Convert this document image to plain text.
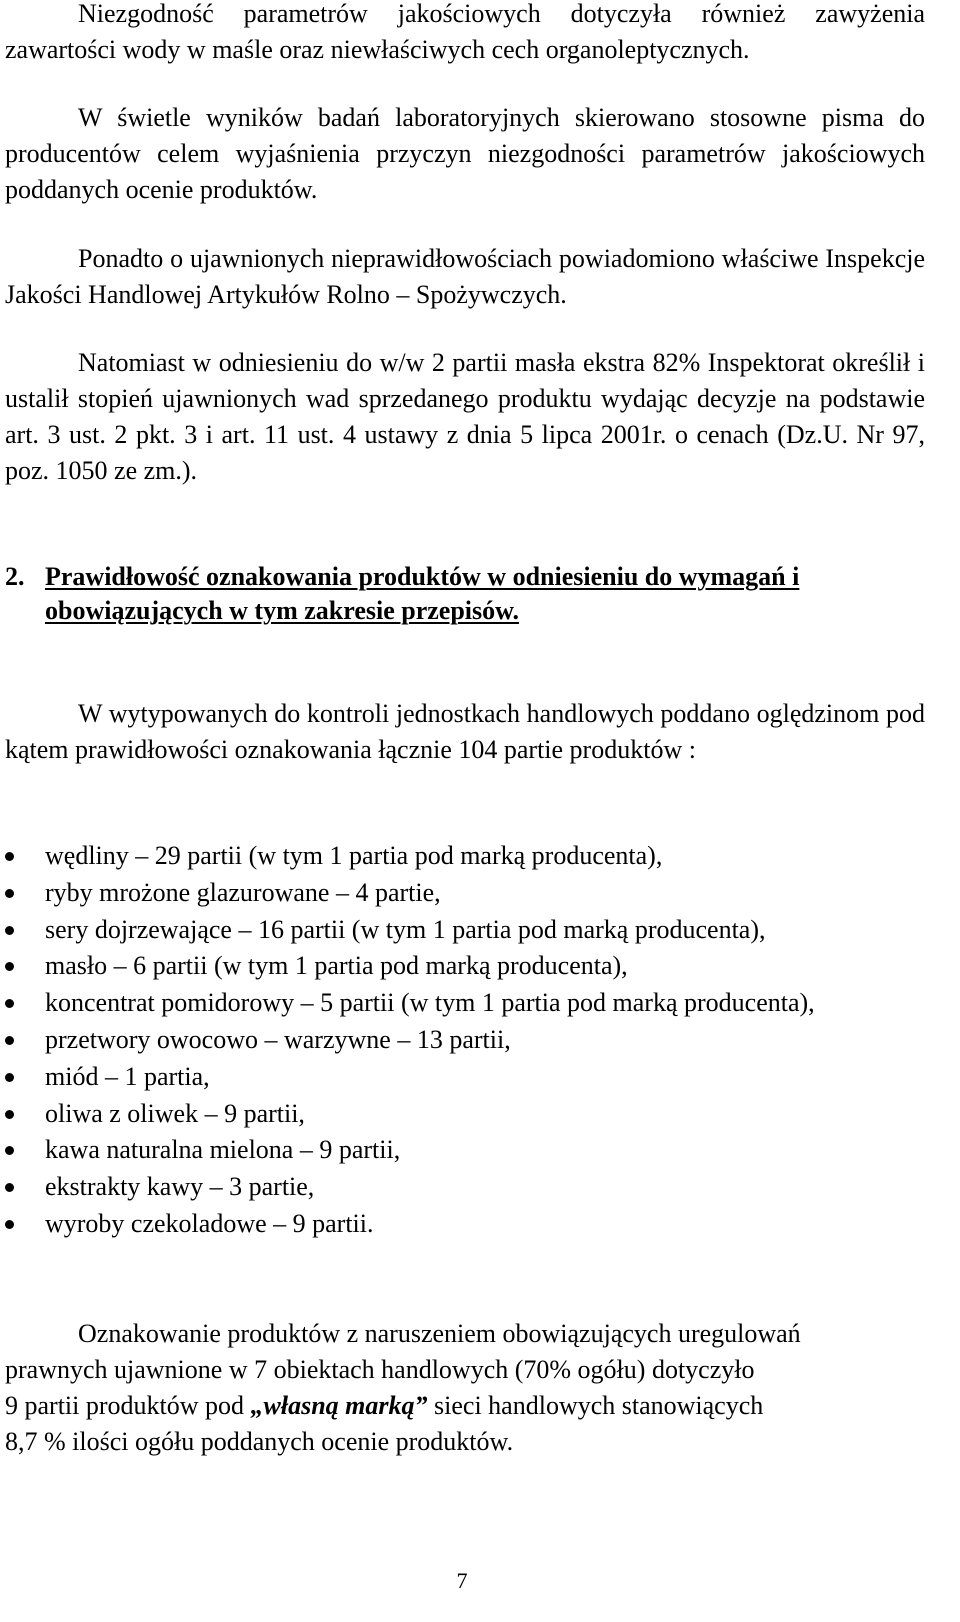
Niezgodność parametrów jakościowych dotyczyła również zawyżenia zawartości wody w maśle oraz niewłaściwych cech organoleptycznych.
W świetle wyników badań laboratoryjnych skierowano stosowne pisma do producentów celem wyjaśnienia przyczyn niezgodności parametrów jakościowych poddanych ocenie produktów.
Ponadto o ujawnionych nieprawidłowościach powiadomiono właściwe Inspekcje Jakości Handlowej Artykułów Rolno – Spożywczych.
Natomiast w odniesieniu do w/w 2 partii masła ekstra 82% Inspektorat określił i ustalił stopień ujawnionych wad sprzedanego produktu wydając decyzje na podstawie art. 3 ust. 2 pkt. 3 i art. 11 ust. 4 ustawy z dnia 5 lipca 2001r. o cenach (Dz.U. Nr 97, poz. 1050 ze zm.).
2. Prawidłowość oznakowania produktów w odniesieniu do wymagań i obowiązujących w tym zakresie przepisów.
W wytypowanych do kontroli jednostkach handlowych poddano oględzinom pod kątem prawidłowości oznakowania łącznie 104 partie produktów :
wędliny – 29 partii (w tym 1 partia pod marką producenta),
ryby mrożone glazurowane – 4 partie,
sery dojrzewające – 16 partii (w tym 1 partia pod marką producenta),
masło – 6 partii (w tym 1 partia pod marką producenta),
koncentrat pomidorowy – 5 partii (w tym 1 partia pod marką producenta),
przetwory owocowo – warzywne – 13 partii,
miód – 1 partia,
oliwa z oliwek – 9 partii,
kawa naturalna mielona – 9 partii,
ekstrakty kawy – 3 partie,
wyroby czekoladowe – 9 partii.
Oznakowanie produktów z naruszeniem obowiązujących uregulowań
prawnych ujawnione w 7 obiektach handlowych (70% ogółu) dotyczyło
9 partii produktów pod „własną marką” sieci handlowych stanowiących
8,7 % ilości ogółu poddanych ocenie produktów.
7
